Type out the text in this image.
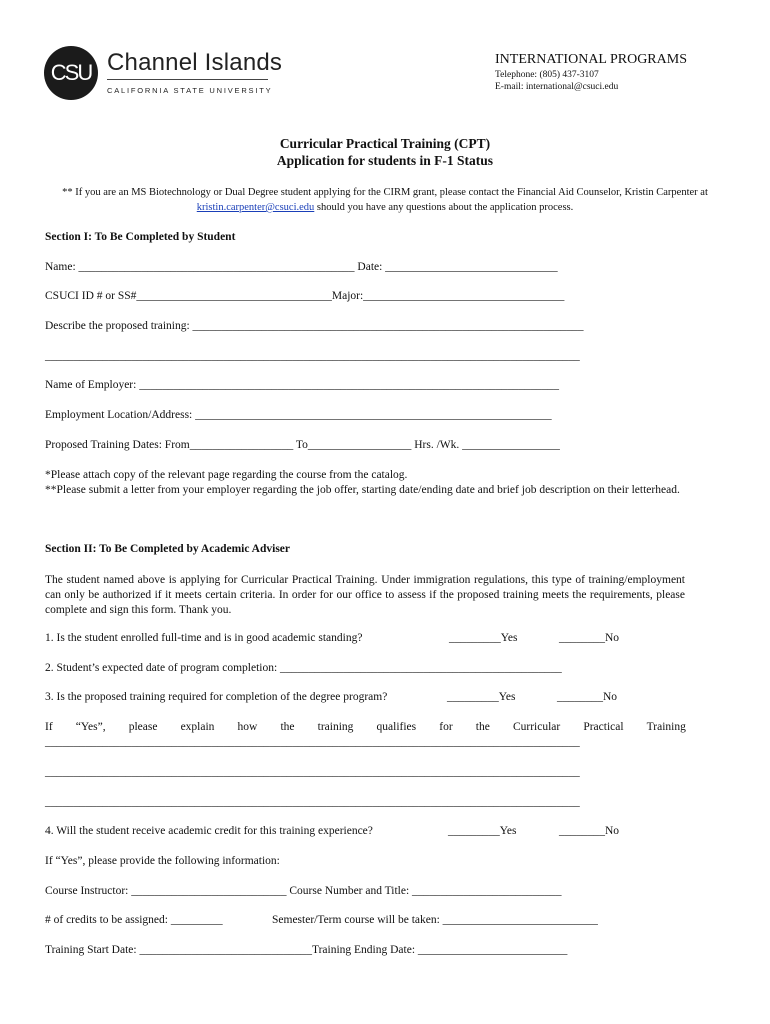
CSU Channel Islands
CALIFORNIA STATE UNIVERSITY
INTERNATIONAL PROGRAMS
Telephone: (805) 437-3107
E-mail: international@csuci.edu
Curricular Practical Training (CPT)
Application for students in F-1 Status
** If you are an MS Biotechnology or Dual Degree student applying for the CIRM grant, please contact the Financial Aid Counselor, Kristin Carpenter at kristin.carpenter@csuci.edu should you have any questions about the application process.
Section I: To Be Completed by Student
Name: ________________________________________________ Date: ______________________________
CSUCI ID # or SS#__________________________________Major:___________________________________
Describe the proposed training: ____________________________________________________________________
_____________________________________________________________________________________________
Name of Employer: _________________________________________________________________________
Employment Location/Address: ______________________________________________________________
Proposed Training Dates: From__________________ To__________________ Hrs. /Wk. _________________
*Please attach copy of the relevant page regarding the course from the catalog.
**Please submit a letter from your employer regarding the job offer, starting date/ending date and brief job description on their letterhead.
Section II: To Be Completed by Academic Adviser
The student named above is applying for Curricular Practical Training. Under immigration regulations, this type of training/employment can only be authorized if it meets certain criteria. In order for our office to assess if the proposed training meets the requirements, please complete and sign this form. Thank you.
1. Is the student enrolled full-time and is in good academic standing?	_________Yes	________No
2. Student’s expected date of program completion: _________________________________________________
3. Is the proposed training required for completion of the degree program?	_________Yes	________No
If “Yes”, please explain how the training qualifies for the Curricular Practical Training
_____________________________________________________________________________________________
_____________________________________________________________________________________________
_____________________________________________________________________________________________
4. Will the student receive academic credit for this training experience?	_________Yes	________No
If “Yes”, please provide the following information:
Course Instructor: ___________________________ Course Number and Title: __________________________
# of credits to be assigned: _________	Semester/Term course will be taken: ___________________________
Training Start Date: ______________________________Training Ending Date: __________________________
